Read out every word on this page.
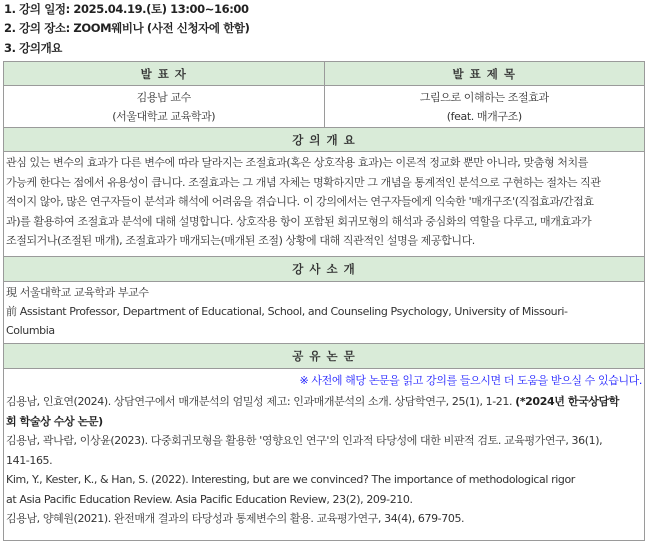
1. 강의 일정: 2025.04.19.(토) 13:00~16:00
2. 강의 장소: ZOOM웨비나 (사전 신청자에 한함)
3. 강의개요
발 표 자	발 표 제 목
김용남 교수
(서울대학교 교육학과)
그림으로 이해하는 조절효과
(feat. 매개구조)
강 의 개 요
관심 있는 변수의 효과가 다른 변수에 따라 달라지는 조절효과(혹은 상호작용 효과)는 이론적 정교화 뿐만 아니라, 맞춤형 처치를
가능케 한다는 점에서 유용성이 큽니다. 조절효과는 그 개념 자체는 명확하지만 그 개념을 통계적인 분석으로 구현하는 절차는 직관
적이지 않아, 많은 연구자들이 분석과 해석에 어려움을 겪습니다. 이 강의에서는 연구자들에게 익숙한 '매개구조'(직접효과/간접효
과)를 활용하여 조절효과 분석에 대해 설명합니다. 상호작용 항이 포함된 회귀모형의 해석과 중심화의 역할을 다루고, 매개효과가
조절되거나(조절된 매개), 조절효과가 매개되는(매개된 조절) 상황에 대해 직관적인 설명을 제공합니다.
강 사 소 개
現 서울대학교 교육학과 부교수
前 Assistant Professor, Department of Educational, School, and Counseling Psychology, University of Missouri-
Columbia
공 유 논 문
※ 사전에 해당 논문을 읽고 강의를 들으시면 더 도움을 받으실 수 있습니다.

김용남, 인효연(2024). 상담연구에서 매개분석의 엄밀성 제고: 인과매개분석의 소개. 상담학연구, 25(1), 1-21. (*2024년 한국상담학

회 학술상 수상 논문)

김용남, 곽나람, 이상윤(2023). 다중회귀모형을 활용한 '영향요인 연구'의 인과적 타당성에 대한 비판적 검토. 교육평가연구, 36(1),

141-165.

Kim, Y., Kester, K., & Han, S. (2022). Interesting, but are we convinced? The importance of methodological rigor

at Asia Pacific Education Review. Asia Pacific Education Review, 23(2), 209-210.

김용남, 양혜원(2021). 완전매개 결과의 타당성과 통제변수의 활용. 교육평가연구, 34(4), 679-705.
